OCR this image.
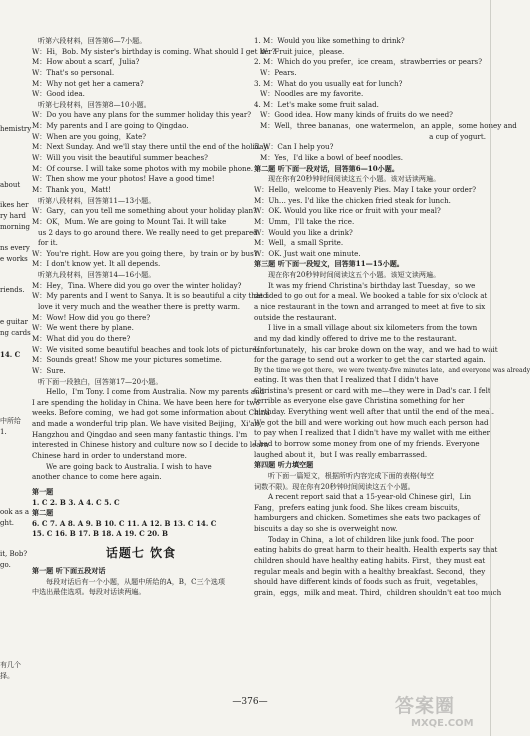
hemistry
about
ikes her
ry hard
morning
ns every
e works
riends.
e guitar
ng cards
14. C
中所给
1.
ook as a
ght.
it, Bob?
go.
有几个
择。
听第六段材料，回答第6—7小题。
W：Hi，Bob. My sister's birthday is coming. What should I get her?
M：How about a scarf，Julia?
W：That's so personal.
M：Why not get her a camera?
W：Good idea.
听第七段材料，回答第8—10小题。
W：Do you have any plans for the summer holiday this year?
M：My parents and I are going to Qingdao.
W：When are you going，Kate?
M：Next Sunday. And we'll stay there until the end of the holiday.
W：Will you visit the beautiful summer beaches?
M：Of course. I will take some photos with my mobile phone.
W：Then show me your photos! Have a good time!
M：Thank you，Matt!
听第八段材料，回答第11—13小题。
W：Gary，can you tell me something about your holiday plan?
M：OK，Mum. We are going to Mount Tai. It will take
us 2 days to go around there. We really need to get prepared
for it.
W：You're right. How are you going there，by train or by bus?
M：I don't know yet. It all depends.
听第九段材料，回答第14—16小题。
M：Hey，Tina. Where did you go over the winter holiday?
W：My parents and I went to Sanya. It is so beautiful a city that I
love it very much and the weather there is pretty warm.
M：Wow! How did you go there?
W：We went there by plane.
M：What did you do there?
W：We visited some beautiful beaches and took lots of pictures.
M：Sounds great! Show me your pictures sometime.
W：Sure.
听下面一段独白，回答第17—20小题。
Hello，I'm Tony. I come from Australia. Now my parents and
I are spending the holiday in China. We have been here for two
weeks. Before coming，we had got some information about China
and made a wonderful trip plan. We have visited Beijing，Xi'an，
Hangzhou and Qingdao and seen many fantastic things. I'm
interested in Chinese history and culture now so I decide to learn
Chinese hard in order to understand more.
We are going back to Australia. I wish to have
another chance to come here again.
第一题
1. C 2. B 3. A 4. C 5. C
第二题
6. C 7. A 8. A 9. B 10. C 11. A 12. B 13. C 14. C
15. C 16. B 17. B 18. A 19. C 20. B
话题七 饮食
第一题 听下面五段对话
每段对话后有一个小题，从题中所给的A，B，C三个选项
中选出最佳选项。每段对话读两遍。
1. M：Would you like something to drink?
W：Fruit juice，please.
2. M：Which do you prefer，ice cream，strawberries or pears?
W：Pears.
3. M：What do you usually eat for lunch?
W：Noodles are my favorite.
4. M：Let's make some fruit salad.
W：Good idea. How many kinds of fruits do we need?
M：Well，three bananas，one watermelon，an apple，some honey and
a cup of yogurt.
5. W：Can I help you?
M：Yes，I'd like a bowl of beef noodles.
第二题 听下面一段对话，回答第6—10小题。
现在你有20秒钟时间阅读这五个小题。该对话读两遍。
W：Hello，welcome to Heavenly Pies. May I take your order?
M：Uh… yes. I'd like the chicken fried steak for lunch.
W：OK. Would you like rice or fruit with your meal?
M：Umm，I'll take the rice.
W：Would you like a drink?
M：Well，a small Sprite.
W：OK. Just wait one minute.
第三题 听下面一段短文，回答第11—15小题。
现在你有20秒钟时间阅读这五个小题。该短文读两遍。
It was my friend Christina's birthday last Tuesday，so we
decided to go out for a meal. We booked a table for six o'clock at
a nice restaurant in the town and arranged to meet at five to six
outside the restaurant.
I live in a small village about six kilometers from the town
and my dad kindly offered to drive me to the restaurant.
Unfortunately，his car broke down on the way，and we had to wait
for the garage to send out a worker to get the car started again.
By the time we got there，we were twenty-five minutes late，and everyone was already
eating. It was then that I realized that I didn't have
Christina's present or card with me—they were in Dad's car. I felt
terrible as everyone else gave Christina something for her
birthday. Everything went well after that until the end of the meal.
We got the bill and were working out how much each person had
to pay when I realized that I didn't have my wallet with me either.
I had to borrow some money from one of my friends. Everyone
laughed about it，but I was really embarrassed.
第四题 听力填空题
听下面一篇短文，根据所听内容完成下面的表格(每空
词数不限)。现在你有20秒钟时间阅读这五个小题。
A recent report said that a 15-year-old Chinese girl，Lin
Fang，prefers eating junk food. She likes cream biscuits，
hamburgers and chicken. Sometimes she eats two packages of
biscuits a day so she is overweight now.
Today in China，a lot of children like junk food. The poor
eating habits do great harm to their health. Health experts say that
children should have healthy eating habits. First，they must eat
regular meals and begin with a healthy breakfast. Second，they
should have different kinds of foods such as fruit，vegetables，
grain，eggs，milk and meat. Third，children shouldn't eat too much
—376—	答案圈
MXQE.COM
